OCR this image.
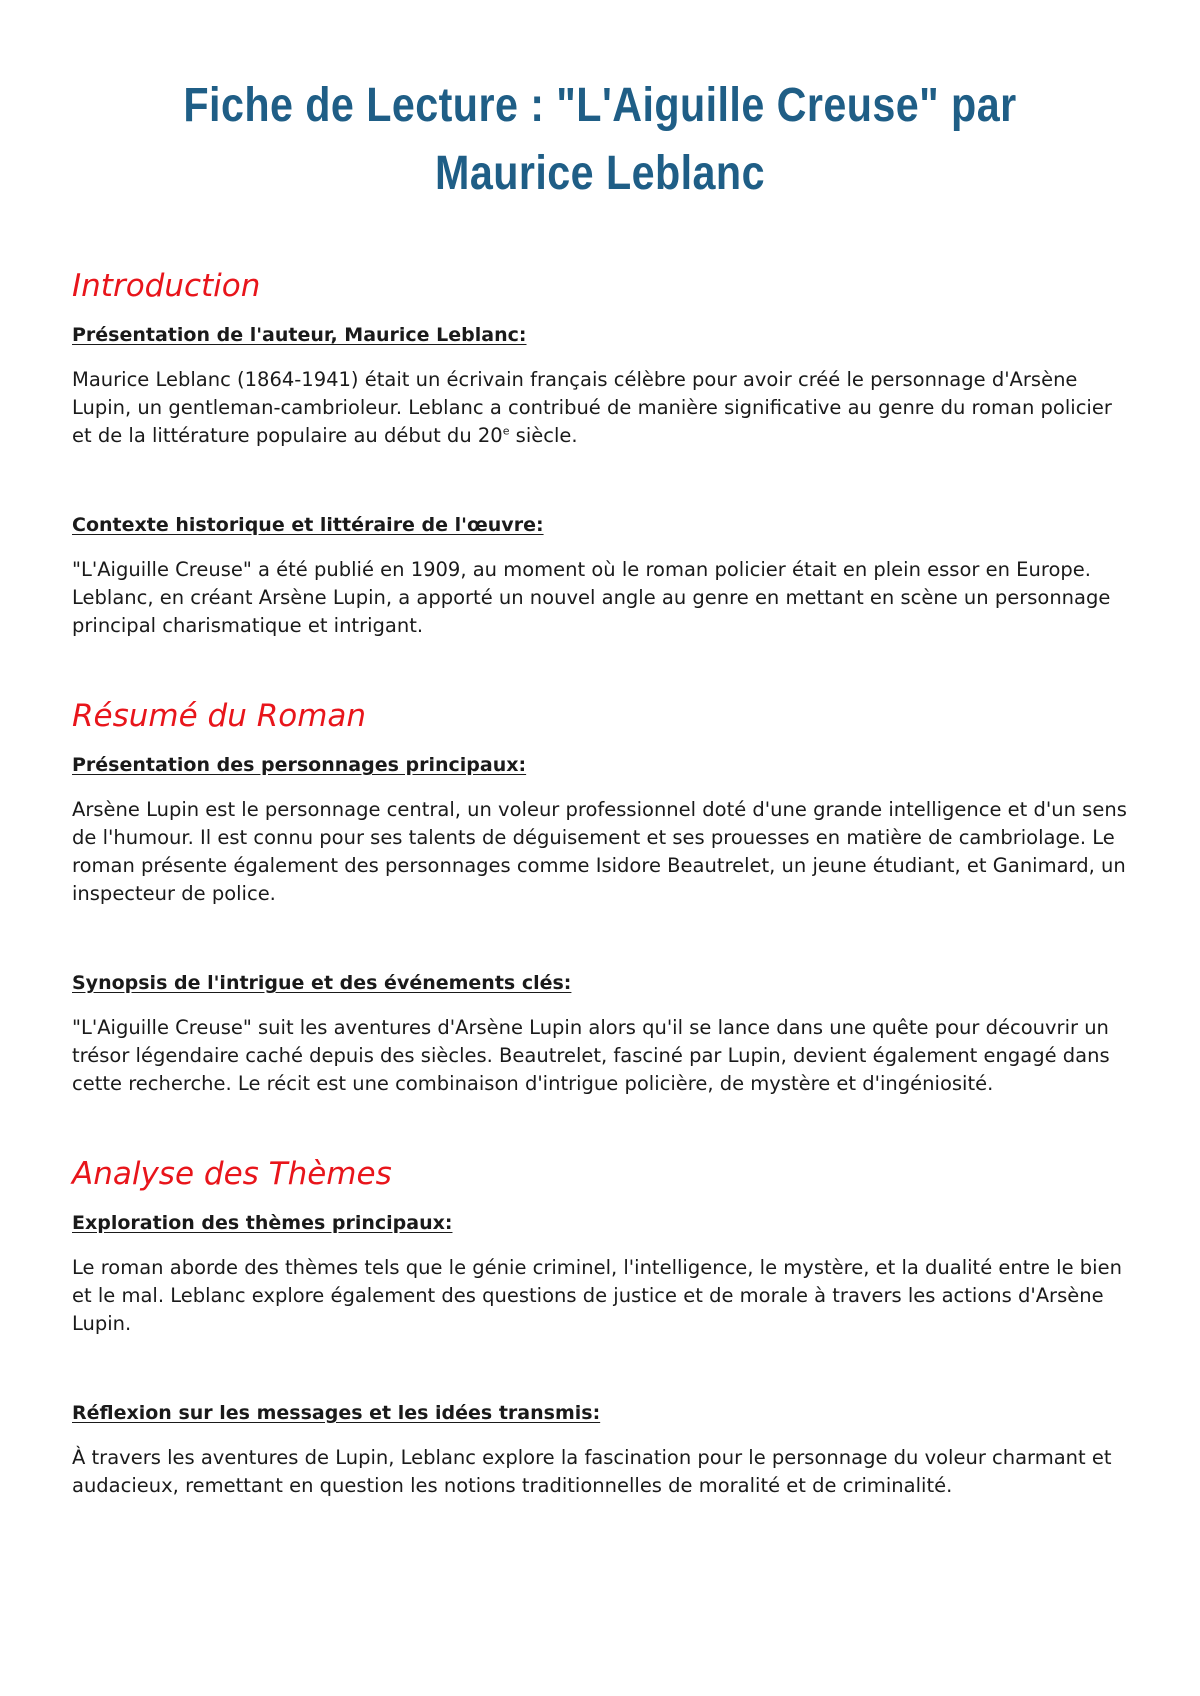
Fiche de Lecture : "L'Aiguille Creuse" par Maurice Leblanc
Introduction
Présentation de l'auteur, Maurice Leblanc:

Maurice Leblanc (1864-1941) était un écrivain français célèbre pour avoir créé le personnage d'Arsène Lupin, un gentleman-cambrioleur. Leblanc a contribué de manière significative au genre du roman policier et de la littérature populaire au début du 20e siècle.

Contexte historique et littéraire de l'œuvre:

"L'Aiguille Creuse" a été publié en 1909, au moment où le roman policier était en plein essor en Europe. Leblanc, en créant Arsène Lupin, a apporté un nouvel angle au genre en mettant en scène un personnage principal charismatique et intrigant.

Résumé du Roman
Présentation des personnages principaux:

Arsène Lupin est le personnage central, un voleur professionnel doté d'une grande intelligence et d'un sens de l'humour. Il est connu pour ses talents de déguisement et ses prouesses en matière de cambriolage. Le roman présente également des personnages comme Isidore Beautrelet, un jeune étudiant, et Ganimard, un inspecteur de police.

Synopsis de l'intrigue et des événements clés:

"L'Aiguille Creuse" suit les aventures d'Arsène Lupin alors qu'il se lance dans une quête pour découvrir un trésor légendaire caché depuis des siècles. Beautrelet, fasciné par Lupin, devient également engagé dans cette recherche. Le récit est une combinaison d'intrigue policière, de mystère et d'ingéniosité.

Analyse des Thèmes
Exploration des thèmes principaux:

Le roman aborde des thèmes tels que le génie criminel, l'intelligence, le mystère, et la dualité entre le bien et le mal. Leblanc explore également des questions de justice et de morale à travers les actions d'Arsène Lupin.

Réflexion sur les messages et les idées transmis:

À travers les aventures de Lupin, Leblanc explore la fascination pour le personnage du voleur charmant et audacieux, remettant en question les notions traditionnelles de moralité et de criminalité.
